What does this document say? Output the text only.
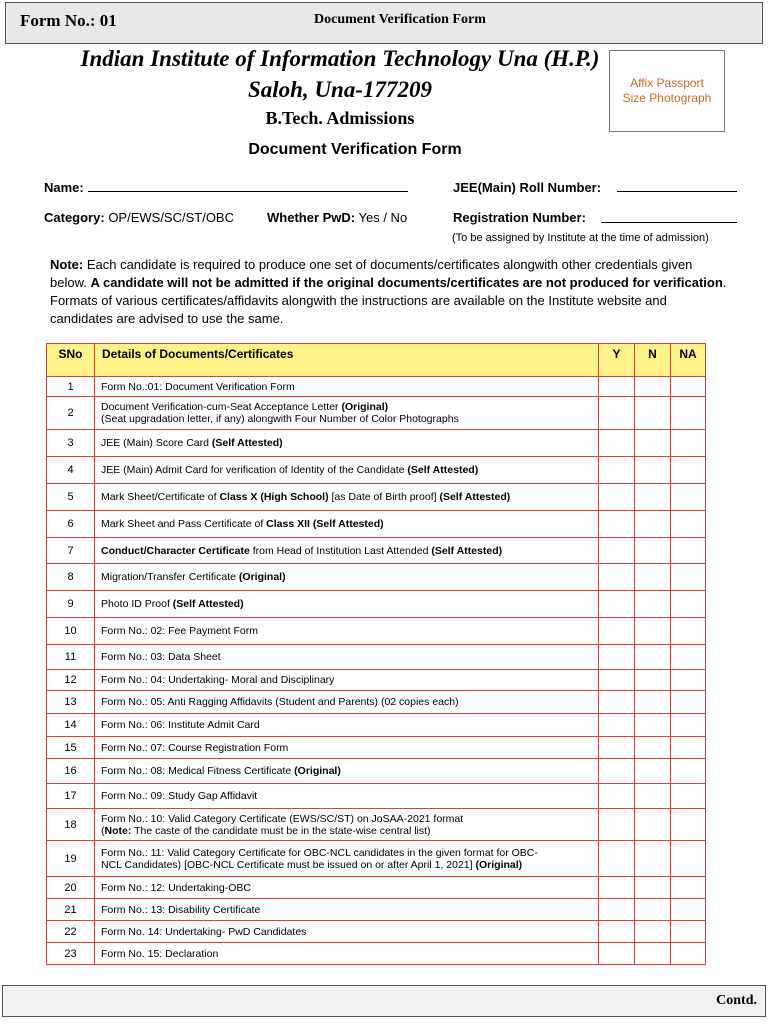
Form No.: 01	Document Verification Form
Indian Institute of Information Technology Una (H.P.)
Saloh, Una-177209
B.Tech. Admissions
Affix Passport
Size Photograph
Document Verification Form
Name:	JEE(Main) Roll Number:
Category: OP/EWS/SC/ST/OBC	Whether PwD: Yes / No	Registration Number:
(To be assigned by Institute at the time of admission)
Note: Each candidate is required to produce one set of documents/certificates alongwith other credentials given below. A candidate will not be admitted if the original documents/certificates are not produced for verification. Formats of various certificates/affidavits alongwith the instructions are available on the Institute website and candidates are advised to use the same.
SNo	Details of Documents/Certificates	Y	N	NA
1	Form No.:01: Document Verification Form			
2	Document Verification-cum-Seat Acceptance Letter (Original)
(Seat upgradation letter, if any) alongwith Four Number of Color Photographs			
3	JEE (Main) Score Card (Self Attested)			
4	JEE (Main) Admit Card for verification of Identity of the Candidate (Self Attested)			
5	Mark Sheet/Certificate of Class X (High School) [as Date of Birth proof] (Self Attested)			
6	Mark Sheet and Pass Certificate of Class XII (Self Attested)			
7	Conduct/Character Certificate from Head of Institution Last Attended (Self Attested)			
8	Migration/Transfer Certificate (Original)			
9	Photo ID Proof (Self Attested)			
10	Form No.: 02: Fee Payment Form			
11	Form No.: 03: Data Sheet			
12	Form No.: 04: Undertaking- Moral and Disciplinary			
13	Form No.: 05: Anti Ragging Affidavits (Student and Parents) (02 copies each)			
14	Form No.: 06: Institute Admit Card			
15	Form No.: 07: Course Registration Form			
16	Form No.: 08: Medical Fitness Certificate (Original)			
17	Form No.: 09: Study Gap Affidavit			
18	Form No.: 10: Valid Category Certificate (EWS/SC/ST) on JoSAA-2021 format
(Note: The caste of the candidate must be in the state-wise central list)			
19	Form No.: 11: Valid Category Certificate for OBC-NCL candidates in the given format for OBC-
NCL Candidates) [OBC-NCL Certificate must be issued on or after April 1, 2021] (Original)			
20	Form No.: 12: Undertaking-OBC			
21	Form No.: 13: Disability Certificate			
22	Form No. 14: Undertaking- PwD Candidates			
23	Form No. 15: Declaration			
Contd.
